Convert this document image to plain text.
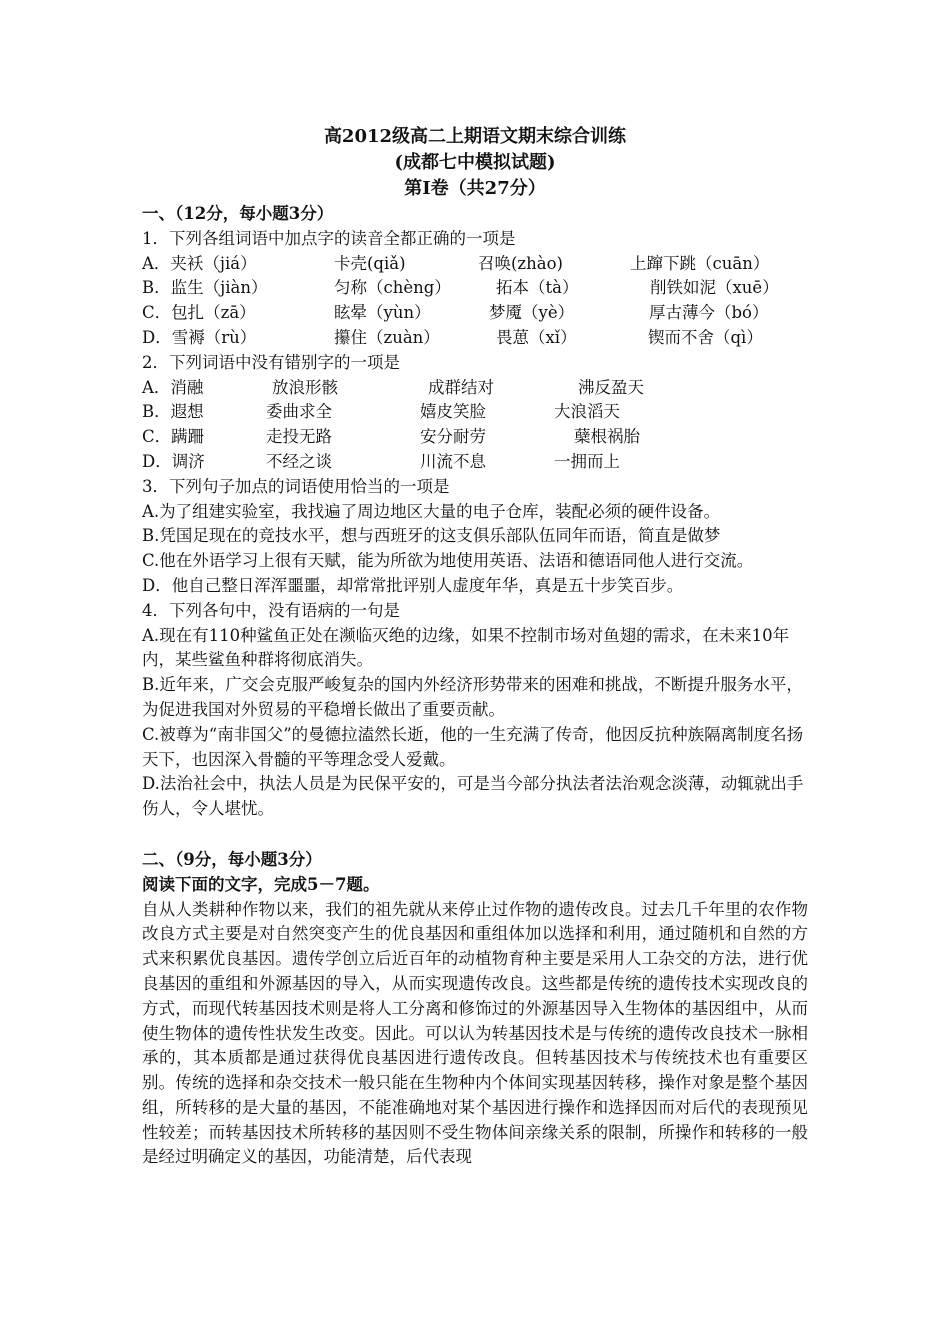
高2012级高二上期语文期末综合训练
(成都七中模拟试题)
第Ⅰ卷（共27分）
一、（12分，每小题3分）
1．下列各组词语中加点字的读音全都正确的一项是
A．夹袄（jiá）	卡壳(qiǎ)	召唤(zhào)	上蹿下跳（cuān）
B．监生（jiàn）	匀称（chèng）	拓本（tà）	削铁如泥（xuē）
C．包扎（zā）	眩晕（yùn）	梦魇（yè）	厚古薄今（bó）
D．雪褥（rù）	攥住（zuàn）	畏葸（xǐ）	锲而不舍（qì）
2．下列词语中没有错别字的一项是
A．消融	放浪形骸	成群结对	沸反盈天
B．遐想	委曲求全	嬉皮笑脸	大浪滔天
C．蹒跚	走投无路	安分耐劳	蘖根祸胎
D．调济	不经之谈	川流不息	一拥而上
3．下列句子加点的词语使用恰当的一项是
A.为了组建实验室，我找遍了周边地区大量的电子仓库，装配必须的硬件设备。
B.凭国足现在的竞技水平，想与西班牙的这支俱乐部队伍同年而语，简直是做梦
C.他在外语学习上很有天赋，能为所欲为地使用英语、法语和德语同他人进行交流。
D．他自己整日浑浑噩噩，却常常批评别人虚度年华，真是五十步笑百步。
4．下列各句中，没有语病的一句是
A.现在有110种鲨鱼正处在濒临灭绝的边缘，如果不控制市场对鱼翅的需求，在未来10年内，某些鲨鱼种群将彻底消失。
B.近年来，广交会克服严峻复杂的国内外经济形势带来的困难和挑战，不断提升服务水平，为促进我国对外贸易的平稳增长做出了重要贡献。
C.被尊为“南非国父”的曼德拉溘然长逝，他的一生充满了传奇，他因反抗种族隔离制度名扬天下，也因深入骨髓的平等理念受人爱戴。
D.法治社会中，执法人员是为民保平安的，可是当今部分执法者法治观念淡薄，动辄就出手伤人，令人堪忧。
二、（9分，每小题3分）
阅读下面的文字，完成5－7题。
自从人类耕种作物以来，我们的祖先就从来停止过作物的遗传改良。过去几千年里的农作物改良方式主要是对自然突变产生的优良基因和重组体加以选择和利用，通过随机和自然的方式来积累优良基因。遗传学创立后近百年的动植物育种主要是采用人工杂交的方法，进行优良基因的重组和外源基因的导入，从而实现遗传改良。这些都是传统的遗传技术实现改良的方式，而现代转基因技术则是将人工分离和修饰过的外源基因导入生物体的基因组中，从而使生物体的遗传性状发生改变。因此。可以认为转基因技术是与传统的遗传改良技术一脉相承的，其本质都是通过获得优良基因进行遗传改良。但转基因技术与传统技术也有重要区别。传统的选择和杂交技术一般只能在生物种内个体间实现基因转移，操作对象是整个基因组，所转移的是大量的基因，不能准确地对某个基因进行操作和选择因而对后代的表现预见性较差；而转基因技术所转移的基因则不受生物体间亲缘关系的限制，所操作和转移的一般是经过明确定义的基因，功能清楚，后代表现
